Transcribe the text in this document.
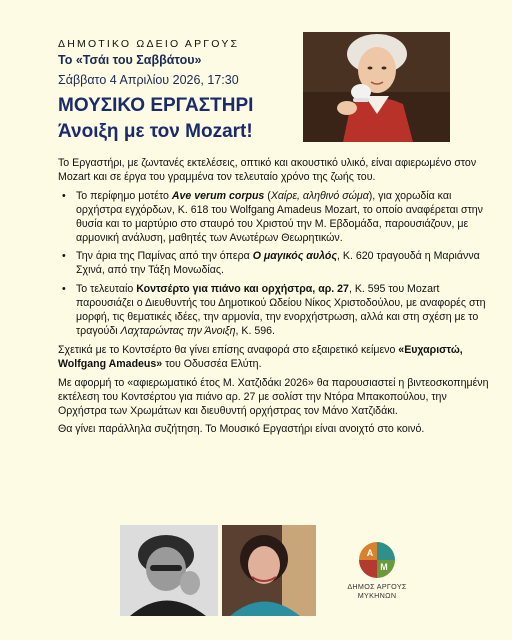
ΔΗΜΟΤΙΚΟ ΩΔΕΙΟ ΑΡΓΟΥΣ
Το «Τσάι του Σαββάτου»
Σάββατο 4 Απριλίου 2026, 17:30
ΜΟΥΣΙΚΟ ΕΡΓΑΣΤΗΡΙ
Άνοιξη με τον Mozart!

Το Εργαστήρι, με ζωντανές εκτελέσεις, οπτικό και ακουστικό υλικό, είναι αφιερωμένο στον Mozart και σε έργα του γραμμένα τον τελευταίο χρόνο της ζωής του.

• Το περίφημο μοτέτο Ave verum corpus (Χαίρε, αληθινό σώμα), για χορωδία και ορχήστρα εγχόρδων, Κ. 618 του Wolfgang Amadeus Mozart, το οποίο αναφέρεται στην θυσία και το μαρτύριο στο σταυρό του Χριστού την Μ. Εβδομάδα, παρουσιάζουν, με αρμονική ανάλυση, μαθητές των Ανωτέρων Θεωρητικών.
• Την άρια της Παμίνας από την όπερα Ο μαγικός αυλός, Κ. 620 τραγουδά η Μαριάννα Σχινά, από την Τάξη Μονωδίας.
• Το τελευταίο Κοντσέρτο για πιάνο και ορχήστρα, αρ. 27, Κ. 595 του Mozart παρουσιάζει ο Διευθυντής του Δημοτικού Ωδείου Νίκος Χριστοδούλου, με αναφορές στη μορφή, τις θεματικές ιδέες, την αρμονία, την ενορχήστρωση, αλλά και στη σχέση με το τραγούδι Λαχταρώντας την Άνοιξη, Κ. 596.

Σχετικά με το Κοντσέρτο θα γίνει επίσης αναφορά στο εξαιρετικό κείμενο «Ευχαριστώ, Wolfgang Amadeus» του Οδυσσέα Ελύτη.

Με αφορμή το «αφιερωματικό έτος Μ. Χατζιδάκι 2026» θα παρουσιαστεί η βιντεοσκοπημένη εκτέλεση του Κοντσέρτου για πιάνο αρ. 27 με σολίστ την Ντόρα Μπακοπούλου, την Ορχήστρα των Χρωμάτων και διευθυντή ορχήστρας τον Μάνο Χατζιδάκι.

Θα γίνει παράλληλα συζήτηση. Το Μουσικό Εργαστήρι είναι ανοιχτό στο κοινό.

Α
Μ
ΔΗΜΟΣ ΑΡΓΟΥΣ
ΜΥΚΗΝΩΝ
